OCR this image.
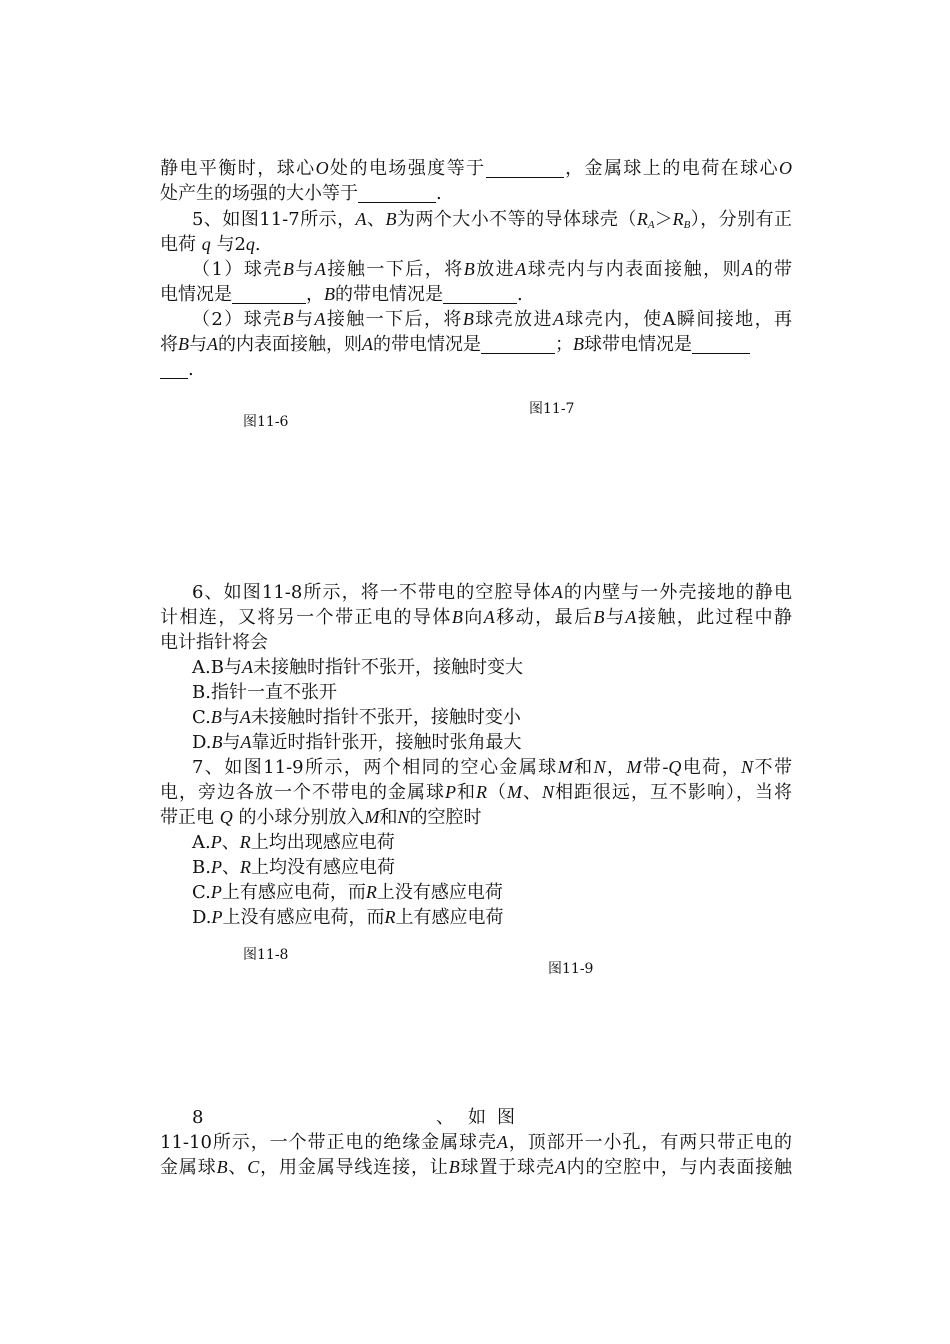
静电平衡时，球心O处的电场强度等于	，金属球上的电荷在球心O
处产生的场强的大小等于	.
5、如图11-7所示，A、B为两个大小不等的导体球壳$(R_A>R_B)$，分别有正
电荷 q 与2q.
（1）球壳B与A接触一下后，将B放进A球壳内与内表面接触，则A的带
电情况是	，B的带电情况是	.
（2）球壳B与A接触一下后，将B球壳放进A球壳内，使A瞬间接地，再
将B与A的内表面接触，则A的带电情况是	；B球带电情况是
.
图11-7
图11-6
6、如图11-8所示，将一不带电的空腔导体A的内壁与一外壳接地的静电
计相连，又将另一个带正电的导体B向A移动，最后B与A接触，此过程中静
电计指针将会
A.B与A未接触时指针不张开，接触时变大
B.指针一直不张开
C.B与A未接触时指针不张开，接触时变小
D.B与A靠近时指针张开，接触时张角最大
7、如图11-9所示，两个相同的空心金属球M和N，M带-Q电荷，N不带
电，旁边各放一个不带电的金属球P和R（M、N相距很远，互不影响），当将
带正电 Q 的小球分别放入M和N的空腔时
A.P、R上均出现感应电荷
B.P、R上均没有感应电荷
C.P上有感应电荷，而R上没有感应电荷
D.P上没有感应电荷，而R上有感应电荷
图11-8
图11-9
8	、 如 图
11-10所示，一个带正电的绝缘金属球壳A，顶部开一小孔，有两只带正电的
金属球B、C，用金属导线连接，让B球置于球壳A内的空腔中，与内表面接触
